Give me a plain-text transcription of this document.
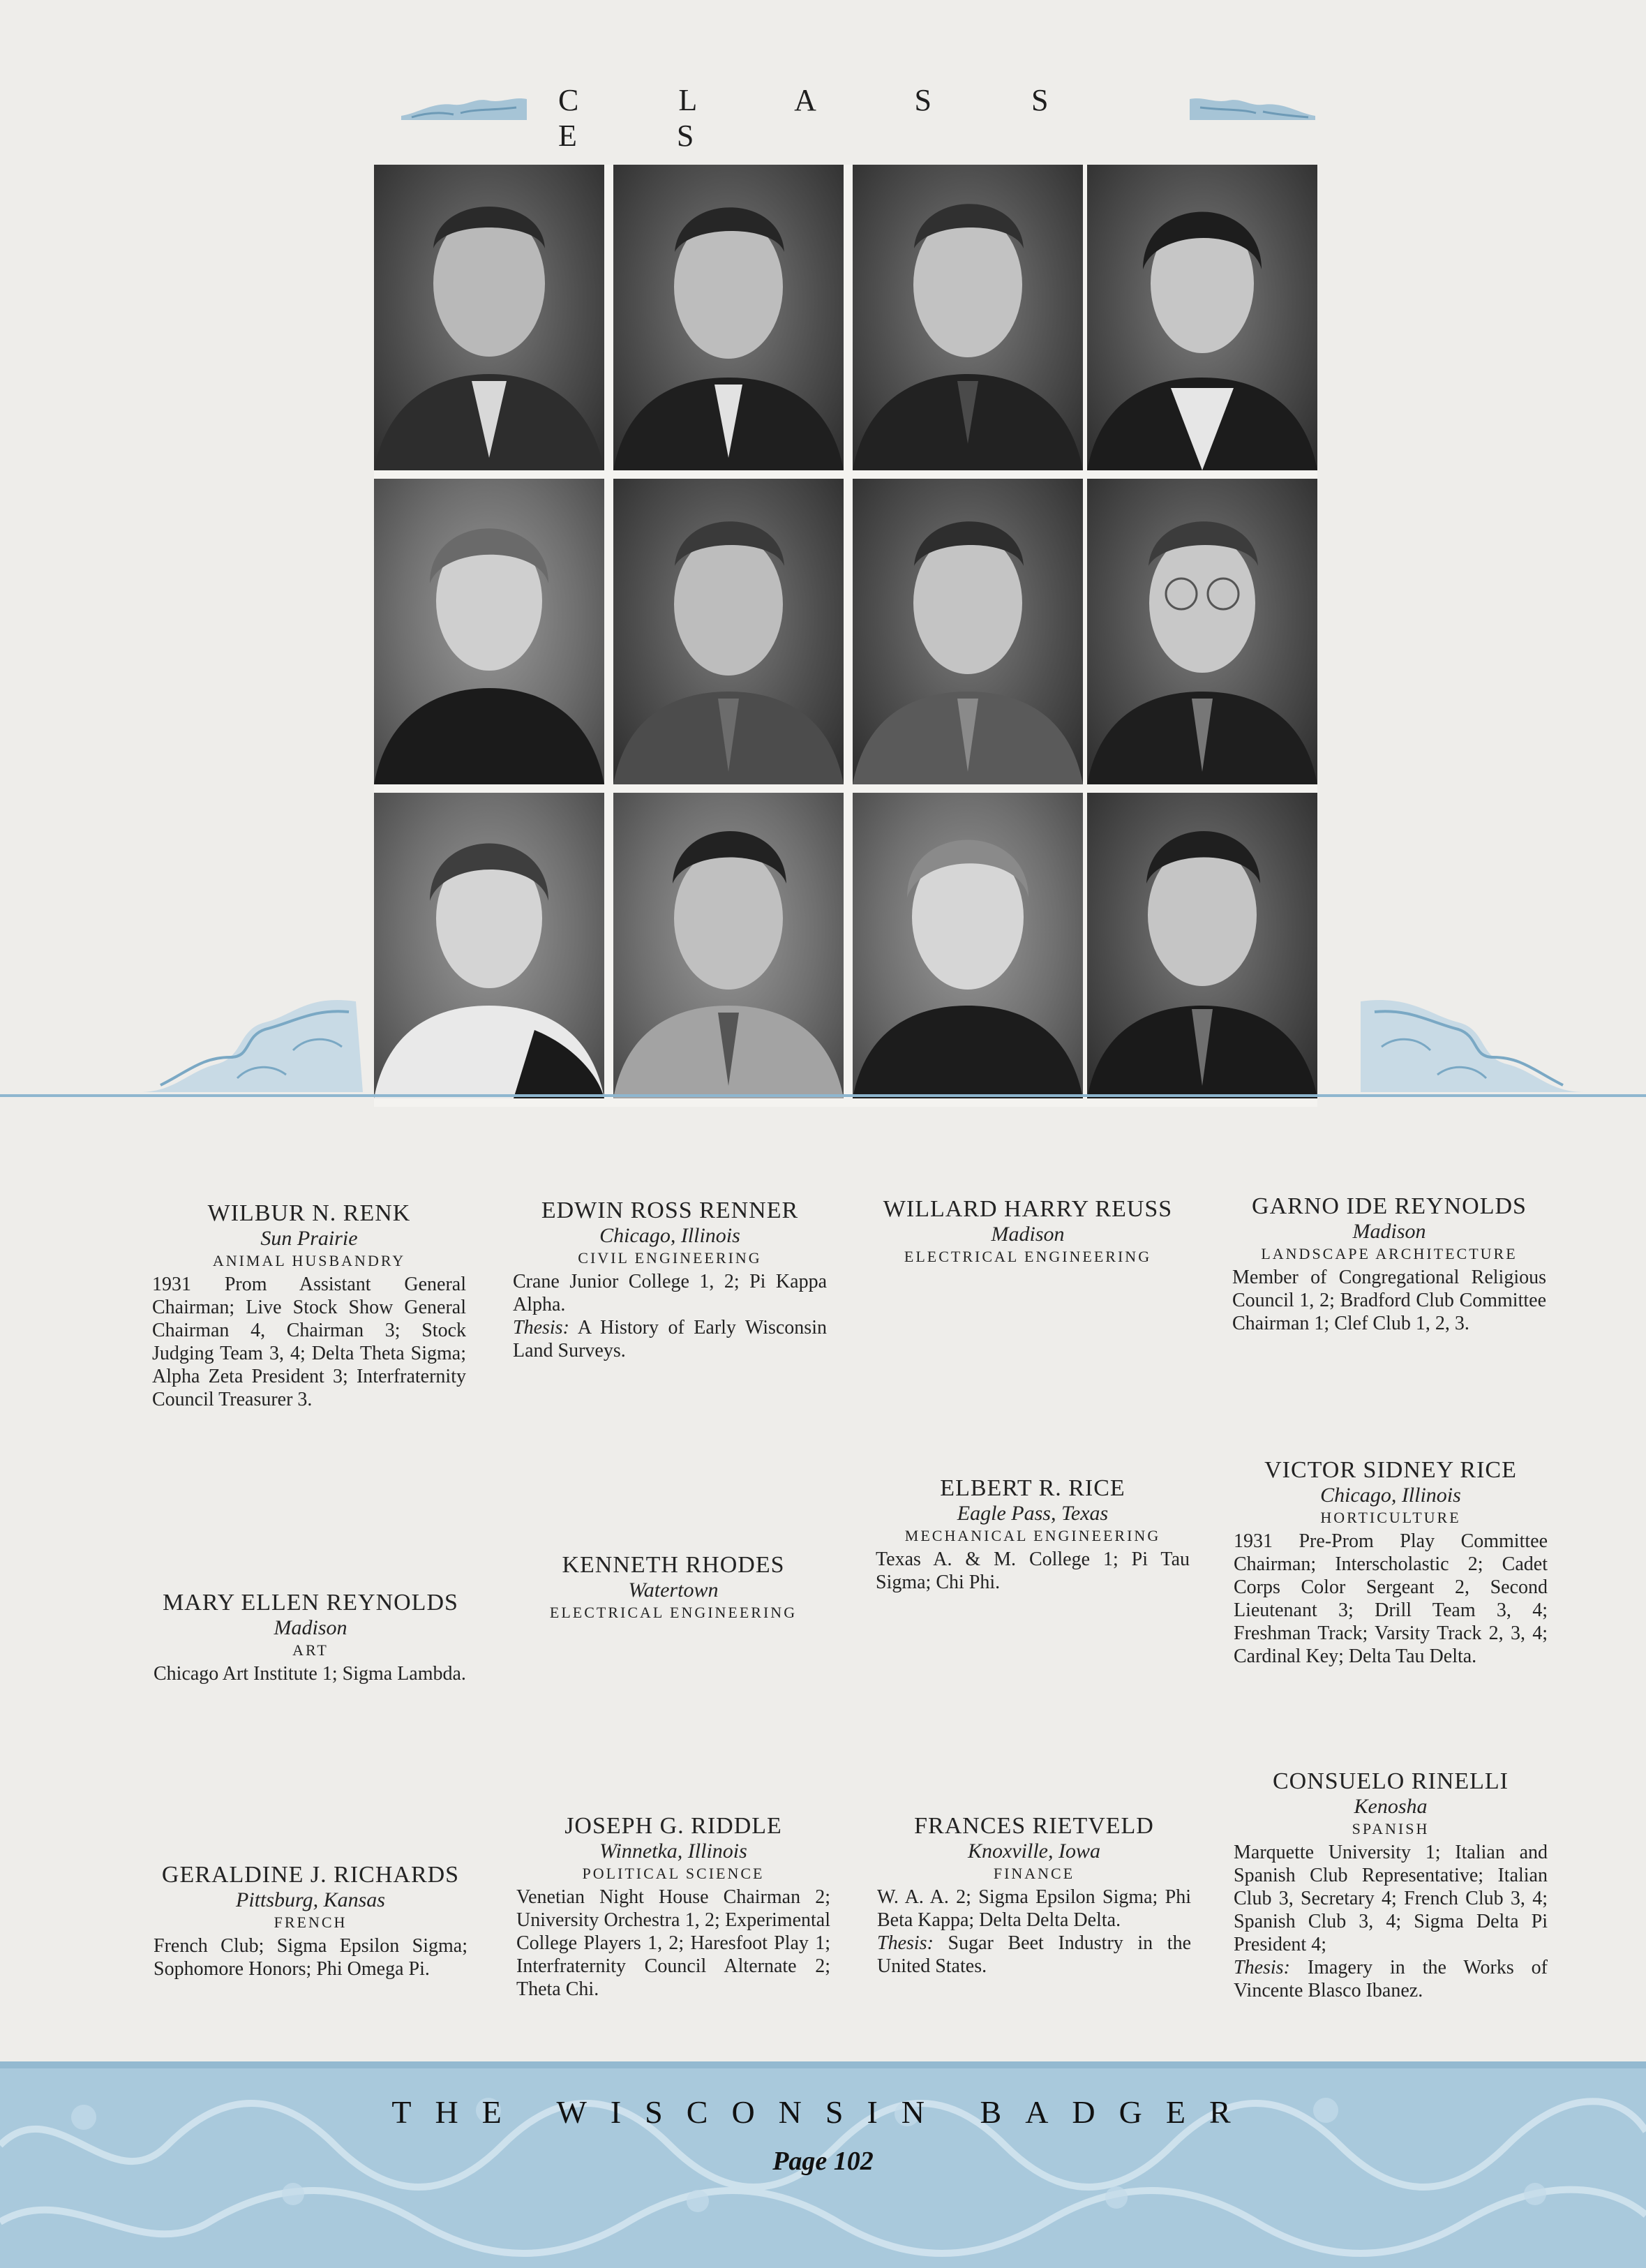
C L A S S E S
WILBUR N. RENK
Sun Prairie
ANIMAL HUSBANDRY
1931 Prom Assistant General Chairman; Live Stock Show General Chairman 4, Chairman 3; Stock Judging Team 3, 4; Delta Theta Sigma; Alpha Zeta President 3; Interfraternity Council Treasurer 3.
EDWIN ROSS RENNER
Chicago, Illinois
CIVIL ENGINEERING
Crane Junior College 1, 2; Pi Kappa Alpha.
Thesis: A History of Early Wisconsin Land Surveys.
WILLARD HARRY REUSS
Madison
ELECTRICAL ENGINEERING
GARNO IDE REYNOLDS
Madison
LANDSCAPE ARCHITECTURE
Member of Congregational Religious Council 1, 2; Bradford Club Committee Chairman 1; Clef Club 1, 2, 3.
MARY ELLEN REYNOLDS
Madison
ART
Chicago Art Institute 1; Sigma Lambda.
KENNETH RHODES
Watertown
ELECTRICAL ENGINEERING
ELBERT R. RICE
Eagle Pass, Texas
MECHANICAL ENGINEERING
Texas A. & M. College 1; Pi Tau Sigma; Chi Phi.
VICTOR SIDNEY RICE
Chicago, Illinois
HORTICULTURE
1931 Pre-Prom Play Committee Chairman; Interscholastic 2; Cadet Corps Color Sergeant 2, Second Lieutenant 3; Drill Team 3, 4; Freshman Track; Varsity Track 2, 3, 4; Cardinal Key; Delta Tau Delta.
GERALDINE J. RICHARDS
Pittsburg, Kansas
FRENCH
French Club; Sigma Epsilon Sigma; Sophomore Honors; Phi Omega Pi.
JOSEPH G. RIDDLE
Winnetka, Illinois
POLITICAL SCIENCE
Venetian Night House Chairman 2; University Orchestra 1, 2; Experimental College Players 1, 2; Haresfoot Play 1; Interfraternity Council Alternate 2; Theta Chi.
FRANCES RIETVELD
Knoxville, Iowa
FINANCE
W. A. A. 2; Sigma Epsilon Sigma; Phi Beta Kappa; Delta Delta Delta.
Thesis: Sugar Beet Industry in the United States.
CONSUELO RINELLI
Kenosha
SPANISH
Marquette University 1; Italian and Spanish Club Representative; Italian Club 3, Secretary 4; French Club 3, 4; Spanish Club 3, 4; Sigma Delta Pi President 4;
Thesis: Imagery in the Works of Vincente Blasco Ibanez.
THE WISCONSIN BADGER
Page 102
